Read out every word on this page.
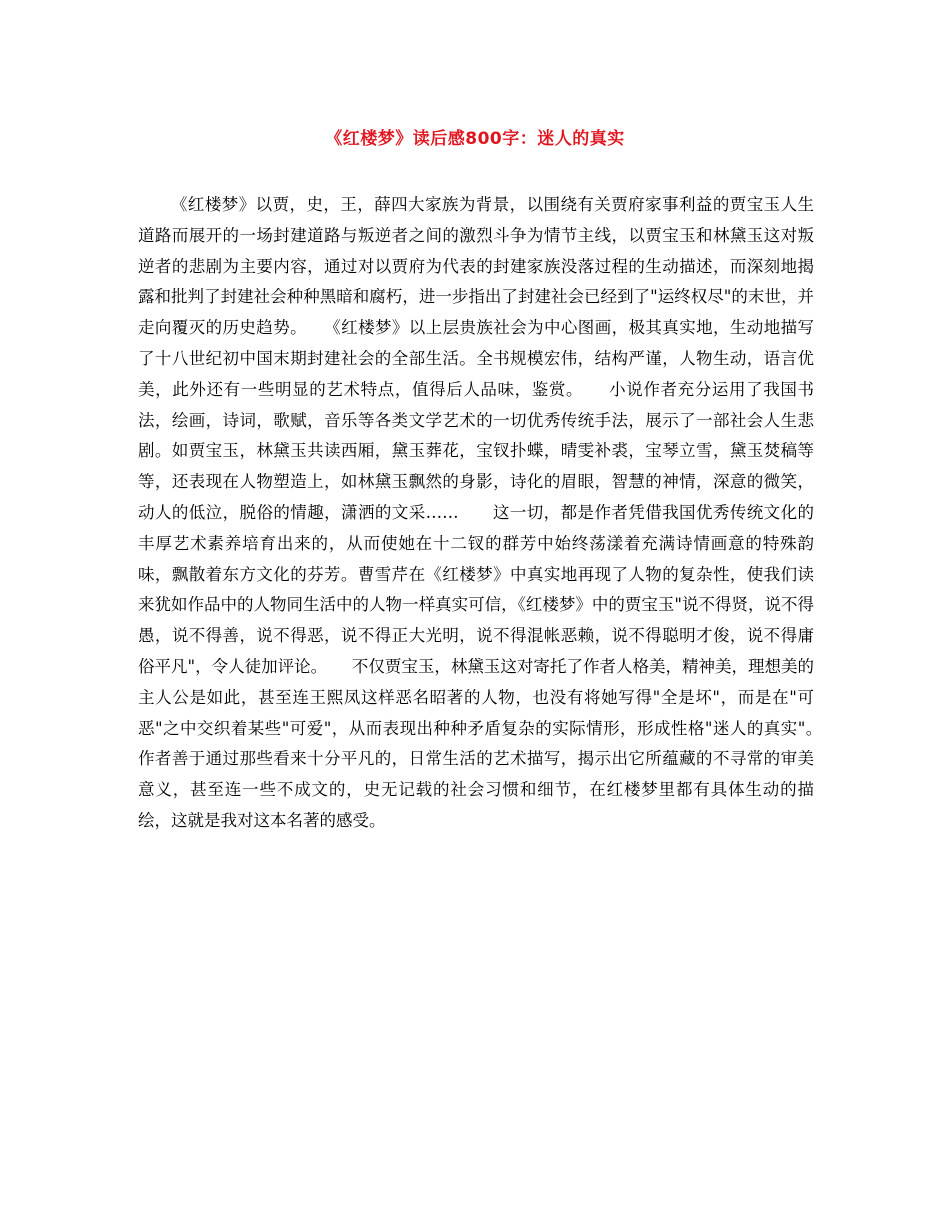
《红楼梦》读后感800字：迷人的真实

《红楼梦》以贾，史，王，薛四大家族为背景，以围绕有关贾府家事利益的贾宝玉人生道路而展开的一场封建道路与叛逆者之间的激烈斗争为情节主线，以贾宝玉和林黛玉这对叛逆者的悲剧为主要内容，通过对以贾府为代表的封建家族没落过程的生动描述，而深刻地揭露和批判了封建社会种种黑暗和腐朽，进一步指出了封建社会已经到了"运终权尽"的末世，并走向覆灭的历史趋势。　　《红楼梦》以上层贵族社会为中心图画，极其真实地，生动地描写了十八世纪初中国末期封建社会的全部生活。全书规模宏伟，结构严谨，人物生动，语言优美，此外还有一些明显的艺术特点，值得后人品味，鉴赏。　　小说作者充分运用了我国书法，绘画，诗词，歌赋，音乐等各类文学艺术的一切优秀传统手法，展示了一部社会人生悲剧。如贾宝玉，林黛玉共读西厢，黛玉葬花，宝钗扑蝶，晴雯补裘，宝琴立雪，黛玉焚稿等等，还表现在人物塑造上，如林黛玉飘然的身影，诗化的眉眼，智慧的神情，深意的微笑，动人的低泣，脱俗的情趣，潇洒的文采……　　这一切，都是作者凭借我国优秀传统文化的丰厚艺术素养培育出来的，从而使她在十二钗的群芳中始终荡漾着充满诗情画意的特殊韵味，飘散着东方文化的芬芳。曹雪芹在《红楼梦》中真实地再现了人物的复杂性，使我们读来犹如作品中的人物同生活中的人物一样真实可信，《红楼梦》中的贾宝玉"说不得贤，说不得愚，说不得善，说不得恶，说不得正大光明，说不得混帐恶赖，说不得聪明才俊，说不得庸俗平凡"，令人徒加评论。　　不仅贾宝玉，林黛玉这对寄托了作者人格美，精神美，理想美的主人公是如此，甚至连王熙凤这样恶名昭著的人物，也没有将她写得"全是坏"，而是在"可恶"之中交织着某些"可爱"，从而表现出种种矛盾复杂的实际情形，形成性格"迷人的真实"。　　作者善于通过那些看来十分平凡的，日常生活的艺术描写，揭示出它所蕴藏的不寻常的审美意义，甚至连一些不成文的，史无记载的社会习惯和细节，在红楼梦里都有具体生动的描绘，这就是我对这本名著的感受。
